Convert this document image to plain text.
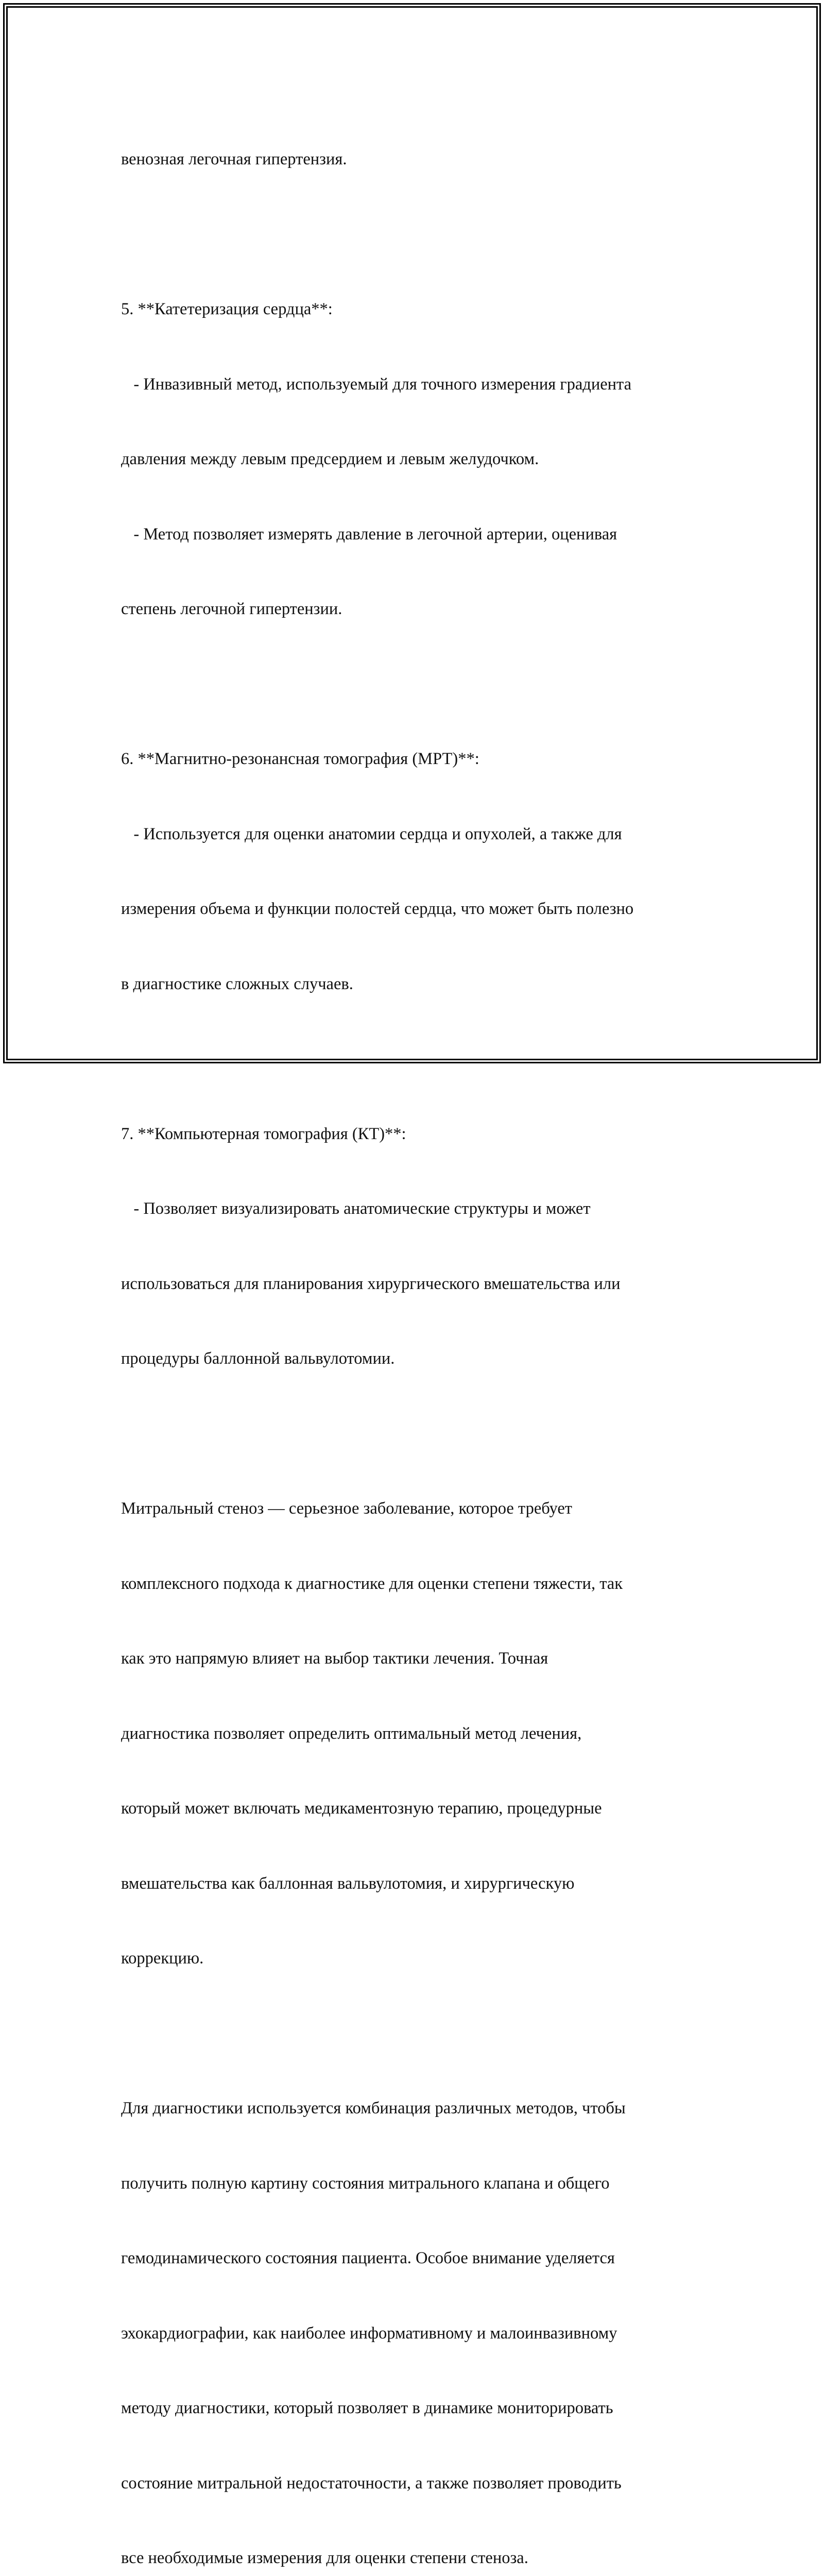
венозная легочная гипертензия.

5. **Катетеризация сердца**:

- Инвазивный метод, используемый для точного измерения градиента

давления между левым предсердием и левым желудочком.

- Метод позволяет измерять давление в легочной артерии, оценивая

степень легочной гипертензии.

6. **Магнитно-резонансная томография (МРТ)**:

- Используется для оценки анатомии сердца и опухолей, а также для

измерения объема и функции полостей сердца, что может быть полезно

в диагностике сложных случаев.

7. **Компьютерная томография (КТ)**:

- Позволяет визуализировать анатомические структуры и может

использоваться для планирования хирургического вмешательства или

процедуры баллонной вальвулотомии.

Митральный стеноз — серьезное заболевание, которое требует

комплексного подхода к диагностике для оценки степени тяжести, так

как это напрямую влияет на выбор тактики лечения. Точная

диагностика позволяет определить оптимальный метод лечения,

который может включать медикаментозную терапию, процедурные

вмешательства как баллонная вальвулотомия, и хирургическую

коррекцию.

Для диагностики используется комбинация различных методов, чтобы

получить полную картину состояния митрального клапана и общего

гемодинамического состояния пациента. Особое внимание уделяется

эхокардиографии, как наиболее информативному и малоинвазивному

методу диагностики, который позволяет в динамике мониторировать

состояние митральной недостаточности, а также позволяет проводить

все необходимые измерения для оценки степени стеноза.
